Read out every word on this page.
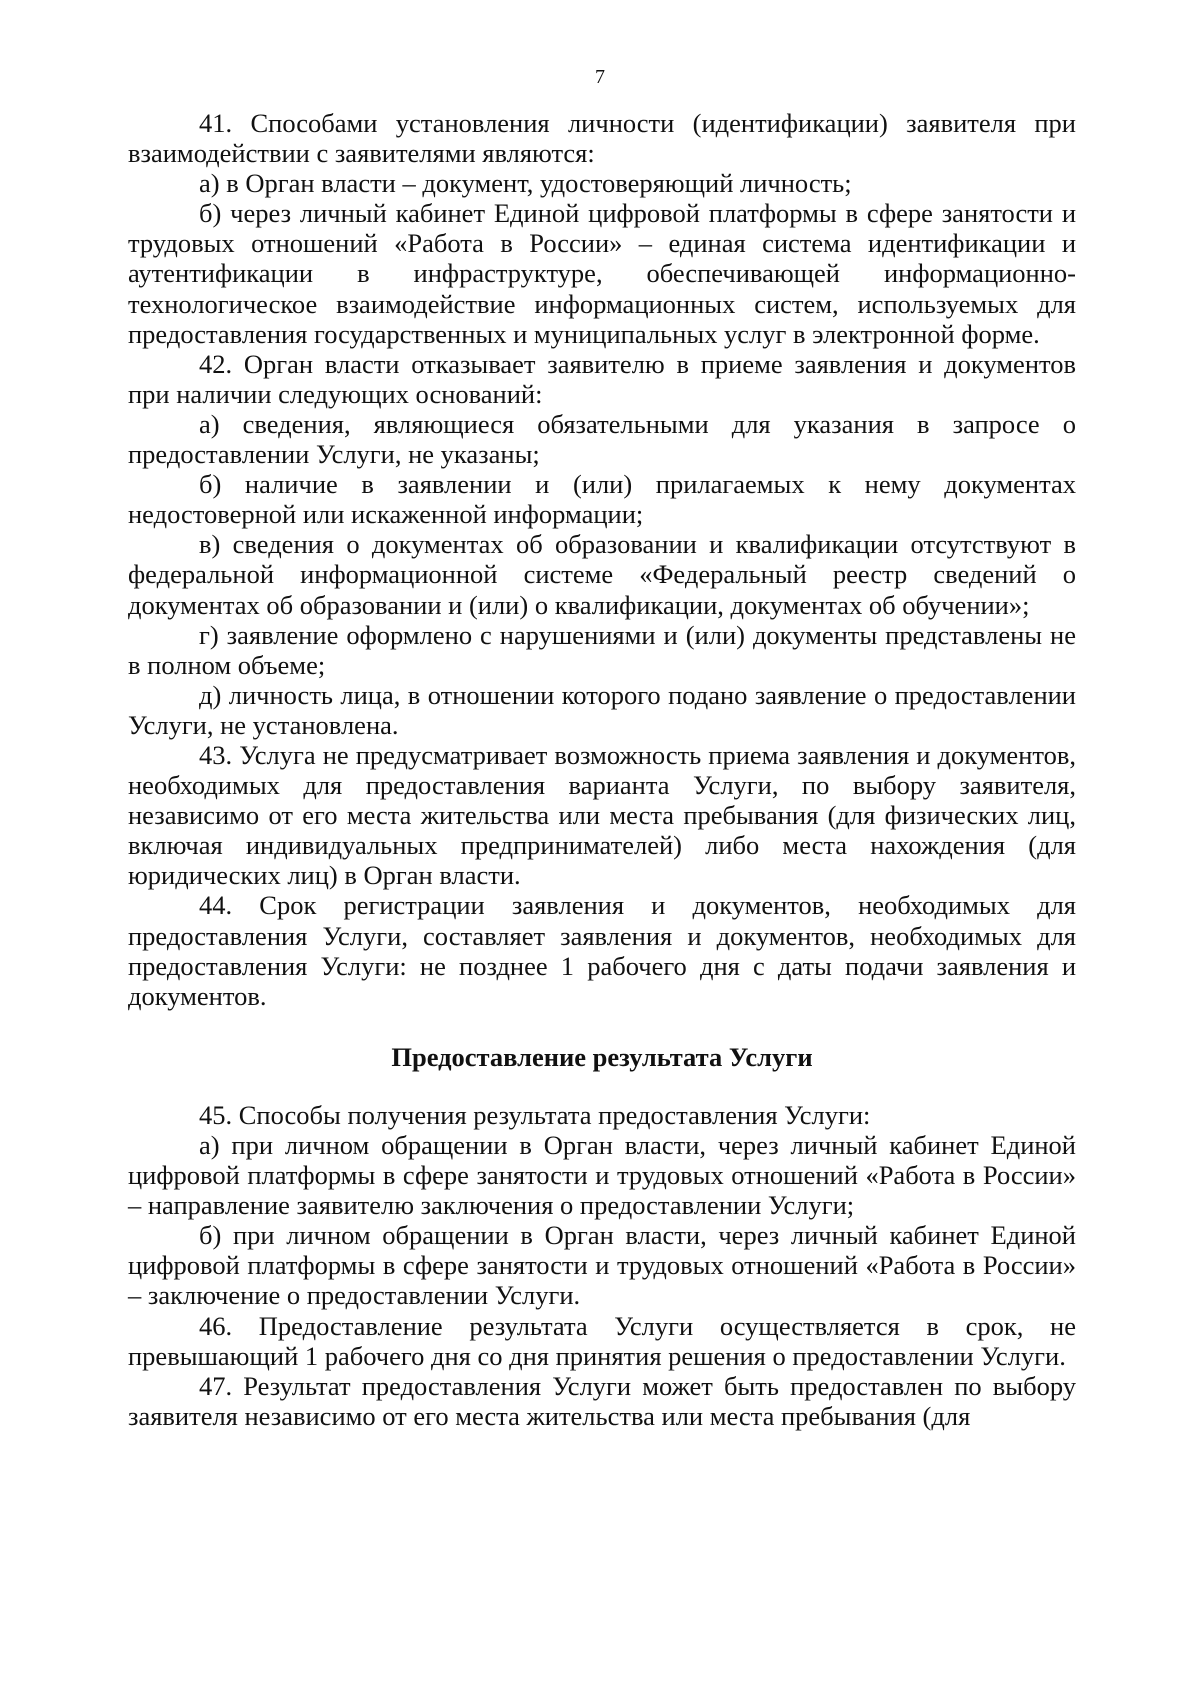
7

41. Способами установления личности (идентификации) заявителя при взаимодействии с заявителями являются:

а) в Орган власти – документ, удостоверяющий личность;

б) через личный кабинет Единой цифровой платформы в сфере занятости и трудовых отношений «Работа в России» – единая система идентификации и аутентификации в инфраструктуре, обеспечивающей информационно-технологическое взаимодействие информационных систем, используемых для предоставления государственных и муниципальных услуг в электронной форме.

42. Орган власти отказывает заявителю в приеме заявления и документов при наличии следующих оснований:

а) сведения, являющиеся обязательными для указания в запросе о предоставлении Услуги, не указаны;

б) наличие в заявлении и (или) прилагаемых к нему документах недостоверной или искаженной информации;

в) сведения о документах об образовании и квалификации отсутствуют в федеральной информационной системе «Федеральный реестр сведений о документах об образовании и (или) о квалификации, документах об обучении»;

г) заявление оформлено с нарушениями и (или) документы представлены не в полном объеме;

д) личность лица, в отношении которого подано заявление о предоставлении Услуги, не установлена.

43. Услуга не предусматривает возможность приема заявления и документов, необходимых для предоставления варианта Услуги, по выбору заявителя, независимо от его места жительства или места пребывания (для физических лиц, включая индивидуальных предпринимателей) либо места нахождения (для юридических лиц) в Орган власти.

44. Срок регистрации заявления и документов, необходимых для предоставления Услуги, составляет заявления и документов, необходимых для предоставления Услуги: не позднее 1 рабочего дня с даты подачи заявления и документов.

Предоставление результата Услуги

45. Способы получения результата предоставления Услуги:

а) при личном обращении в Орган власти, через личный кабинет Единой цифровой платформы в сфере занятости и трудовых отношений «Работа в России» – направление заявителю заключения о предоставлении Услуги;

б) при личном обращении в Орган власти, через личный кабинет Единой цифровой платформы в сфере занятости и трудовых отношений «Работа в России» – заключение о предоставлении Услуги.

46. Предоставление результата Услуги осуществляется в срок, не превышающий 1 рабочего дня со дня принятия решения о предоставлении Услуги.

47. Результат предоставления Услуги может быть предоставлен по выбору заявителя независимо от его места жительства или места пребывания (для
